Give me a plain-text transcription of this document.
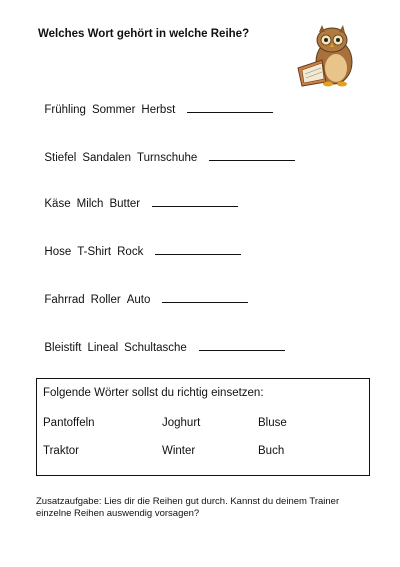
Welches Wort gehört in welche Reihe?

Frühling Sommer Herbst

Stiefel Sandalen Turnschuhe

Käse Milch Butter

Hose T-Shirt Rock

Fahrrad Roller Auto

Bleistift Lineal Schultasche

Folgende Wörter sollst du richtig einsetzen:
Pantoffeln	Joghurt	Bluse
Traktor	Winter	Buch
Zusatzaufgabe: Lies dir die Reihen gut durch. Kannst du deinem Trainer einzelne Reihen auswendig vorsagen?
